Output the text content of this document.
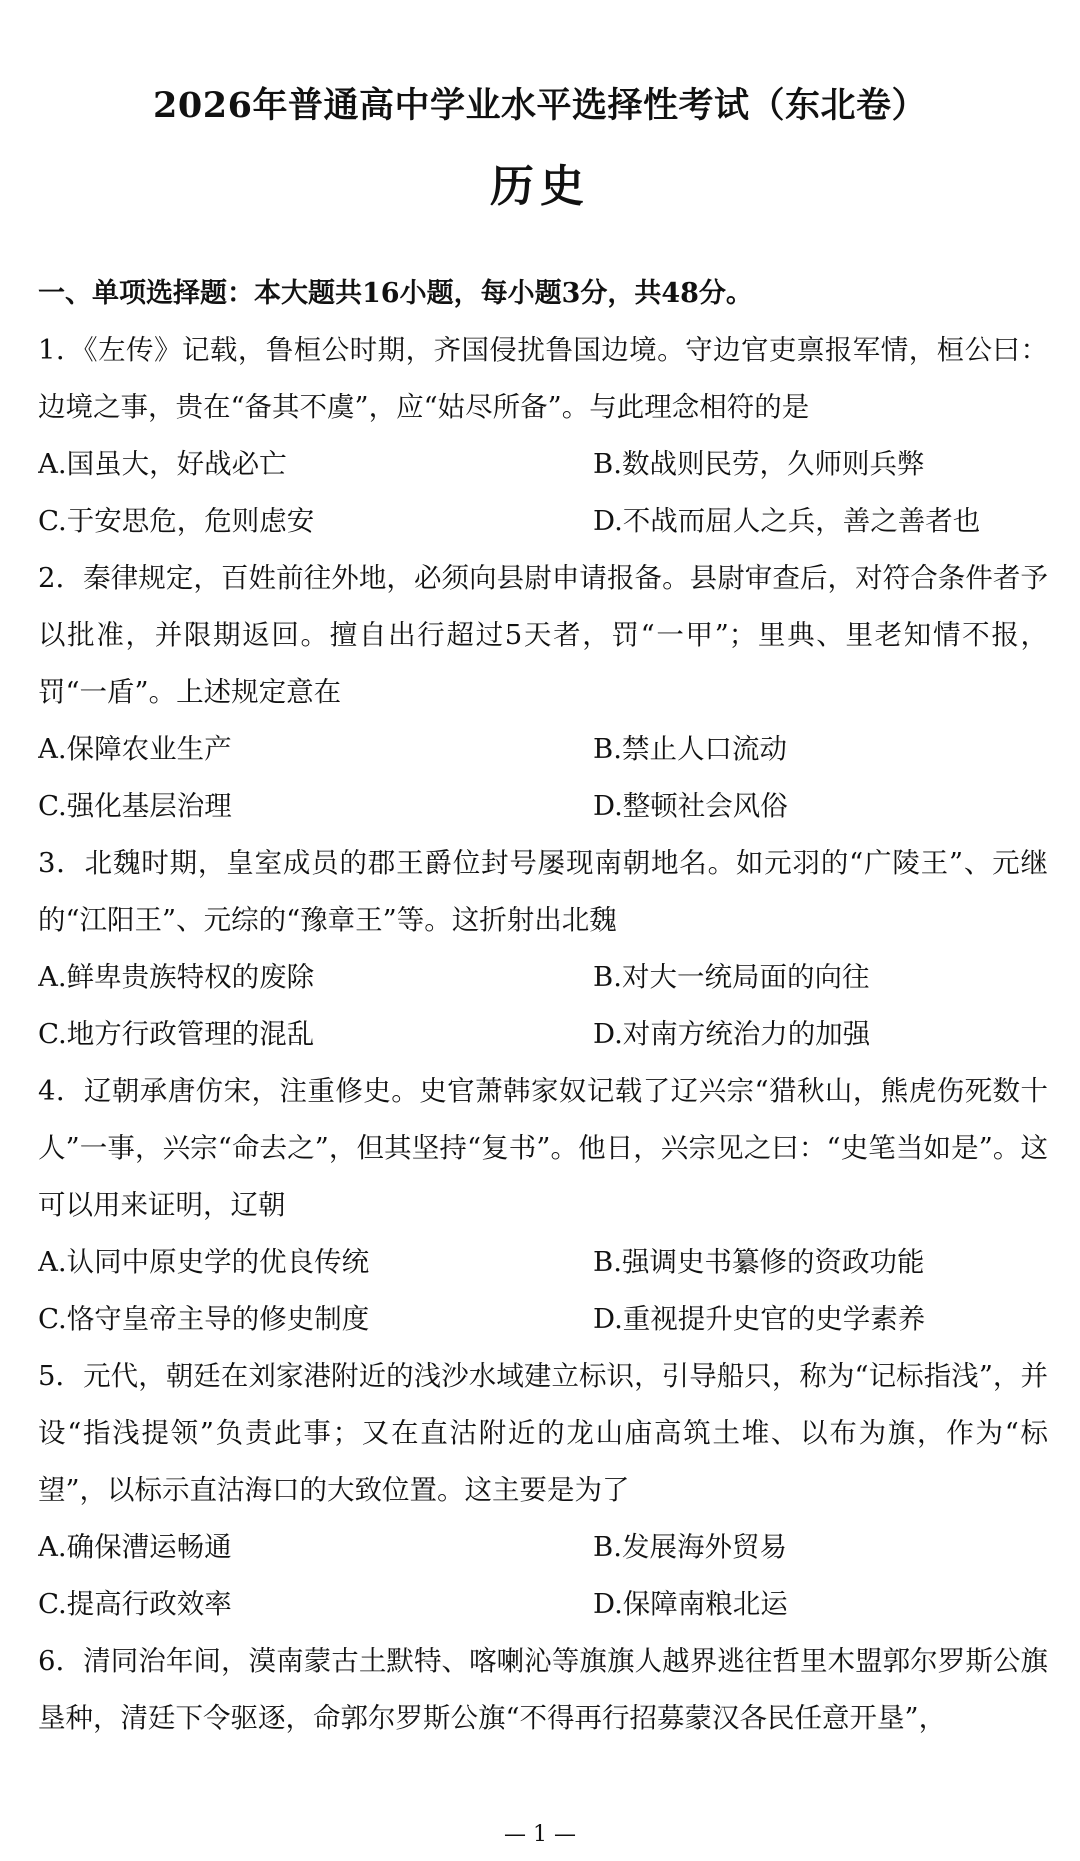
2026年普通高中学业水平选择性考试（东北卷）
历史
一、单项选择题：本大题共16小题，每小题3分，共48分。

1．《左传》记载，鲁桓公时期，齐国侵扰鲁国边境。守边官吏禀报军情，桓公曰：边境之事，贵在“备其不虞”，应“姑尽所备”。与此理念相符的是

A.国虽大，好战必亡	B.数战则民劳，久师则兵弊
C.于安思危，危则虑安	D.不战而屈人之兵，善之善者也

2．秦律规定，百姓前往外地，必须向县尉申请报备。县尉审查后，对符合条件者予以批准，并限期返回。擅自出行超过5天者，罚“一甲”；里典、里老知情不报，罚“一盾”。上述规定意在

A.保障农业生产	B.禁止人口流动
C.强化基层治理	D.整顿社会风俗

3．北魏时期，皇室成员的郡王爵位封号屡现南朝地名。如元羽的“广陵王”、元继的“江阳王”、元综的“豫章王”等。这折射出北魏

A.鲜卑贵族特权的废除	B.对大一统局面的向往
C.地方行政管理的混乱	D.对南方统治力的加强

4．辽朝承唐仿宋，注重修史。史官萧韩家奴记载了辽兴宗“猎秋山，熊虎伤死数十人”一事，兴宗“命去之”，但其坚持“复书”。他日，兴宗见之曰：“史笔当如是”。这可以用来证明，辽朝

A.认同中原史学的优良传统	B.强调史书纂修的资政功能
C.恪守皇帝主导的修史制度	D.重视提升史官的史学素养

5．元代，朝廷在刘家港附近的浅沙水域建立标识，引导船只，称为“记标指浅”，并设“指浅提领”负责此事；又在直沽附近的龙山庙高筑土堆、以布为旗，作为“标望”，以标示直沽海口的大致位置。这主要是为了

A.确保漕运畅通	B.发展海外贸易
C.提高行政效率	D.保障南粮北运

6．清同治年间，漠南蒙古土默特、喀喇沁等旗旗人越界逃往哲里木盟郭尔罗斯公旗垦种，清廷下令驱逐，命郭尔罗斯公旗“不得再行招募蒙汉各民任意开垦”，

— 1 —
